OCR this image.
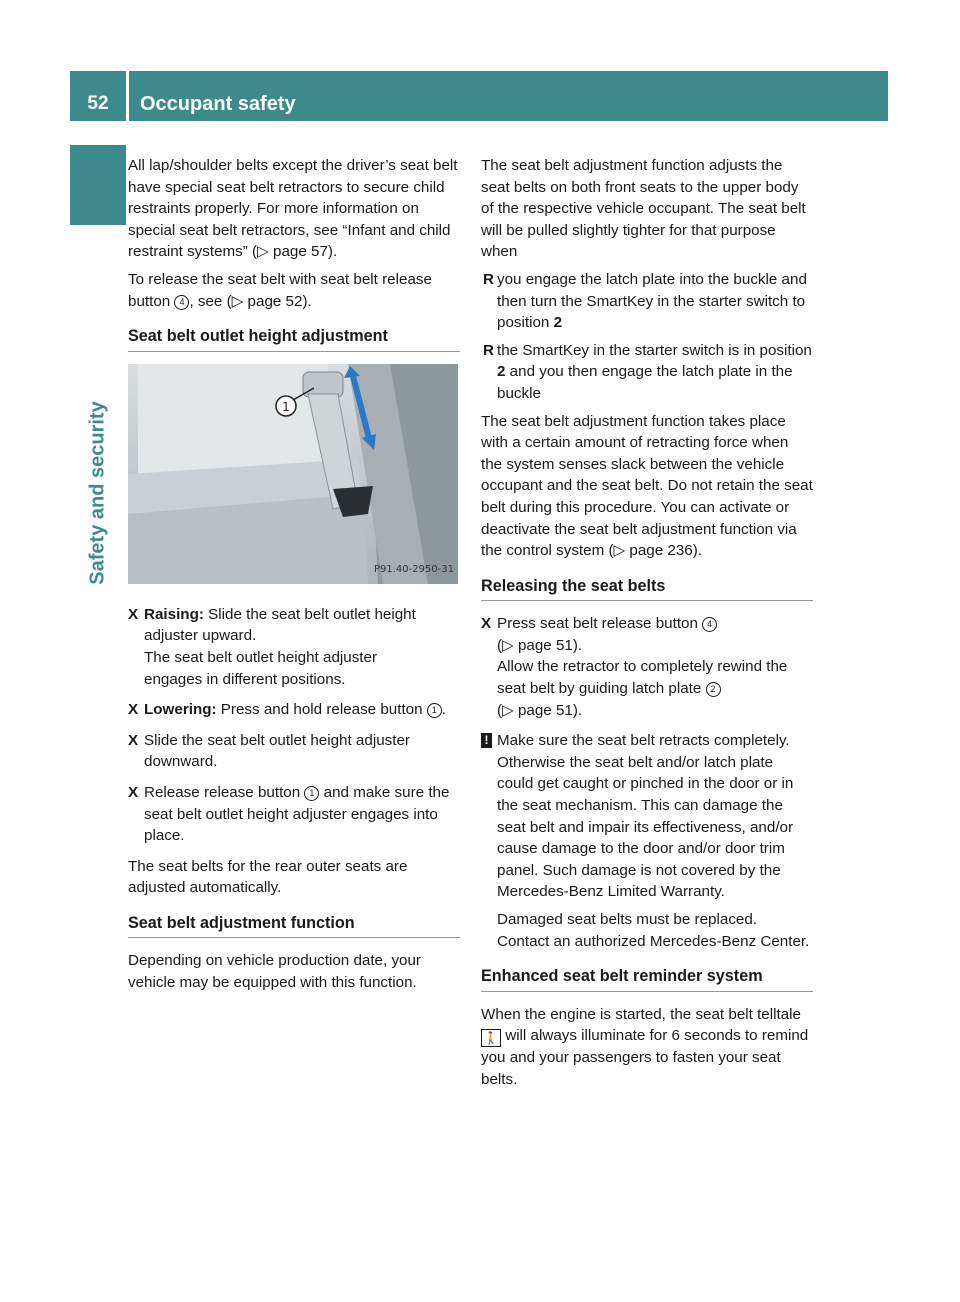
52	Occupant safety
Safety and security

All lap/shoulder belts except the driver’s seat belt have special seat belt retractors to secure child restraints properly. For more information on special seat belt retractors, see “Infant and child restraint systems” (▷ page 57).

To release the seat belt with seat belt release button 4 , see (▷ page 52).

Seat belt outlet height adjustment
1
P91.40-2950-31
X Raising: Slide the seat belt outlet height adjuster upward.
The seat belt outlet height adjuster
engages in different positions.
X Lowering: Press and hold release button 1 .
X Slide the seat belt outlet height adjuster downward.
X Release release button 1 and make sure the seat belt outlet height adjuster engages into place.

The seat belts for the rear outer seats are adjusted automatically.

Seat belt adjustment function

Depending on vehicle production date, your vehicle may be equipped with this function.

The seat belt adjustment function adjusts the seat belts on both front seats to the upper body of the respective vehicle occupant. The seat belt will be pulled slightly tighter for that purpose when

R you engage the latch plate into the buckle and then turn the SmartKey in the starter switch to position 2
R the SmartKey in the starter switch is in position 2 and you then engage the latch plate in the buckle

The seat belt adjustment function takes place with a certain amount of retracting force when the system senses slack between the vehicle occupant and the seat belt. Do not retain the seat belt during this procedure. You can activate or deactivate the seat belt adjustment function via the control system (▷ page 236).

Releasing the seat belts
X Press seat belt release button 4
(▷ page 51).
Allow the retractor to completely rewind the seat belt by guiding latch plate 2
(▷ page 51).
! Make sure the seat belt retracts completely. Otherwise the seat belt and/or latch plate could get caught or pinched in the door or in the seat mechanism. This can damage the seat belt and impair its effectiveness, and/or cause damage to the door and/or door trim panel. Such damage is not covered by the Mercedes-Benz Limited Warranty.

Damaged seat belts must be replaced. Contact an authorized Mercedes-Benz Center.

Enhanced seat belt reminder system

When the engine is started, the seat belt telltale 🚶 will always illuminate for 6 seconds to remind you and your passengers to fasten your seat belts.
